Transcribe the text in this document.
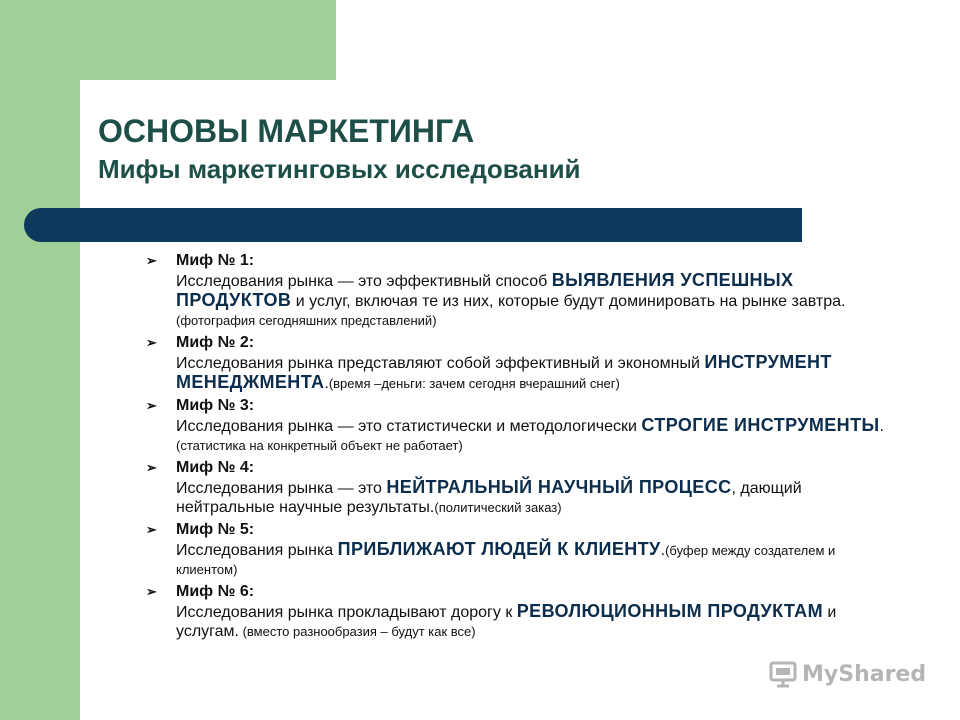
ОСНОВЫ МАРКЕТИНГА
Мифы маркетинговых исследований
➢ Миф № 1:
Исследования рынка — это эффективный способ ВЫЯВЛЕНИЯ УСПЕШНЫХ ПРОДУКТОВ и услуг, включая те из них, которые будут доминировать на рынке завтра. (фотография сегодняшних представлений)
➢ Миф № 2:
Исследования рынка представляют собой эффективный и экономный ИНСТРУМЕНТ МЕНЕДЖМЕНТА.(время –деньги: зачем сегодня вчерашний снег)
➢ Миф № 3:
Исследования рынка — это статистически и методологически СТРОГИЕ ИНСТРУМЕНТЫ.(статистика на конкретный объект не работает)
➢ Миф № 4:
Исследования рынка — это НЕЙТРАЛЬНЫЙ НАУЧНЫЙ ПРОЦЕСС, дающий нейтральные научные результаты.(политический заказ)
➢ Миф № 5:
Исследования рынка ПРИБЛИЖАЮТ ЛЮДЕЙ К КЛИЕНТУ.(буфер между создателем и клиентом)
➢ Миф № 6:
Исследования рынка прокладывают дорогу к РЕВОЛЮЦИОННЫМ ПРОДУКТАМ и услугам. (вместо разнообразия – будут как все)
MyShared
